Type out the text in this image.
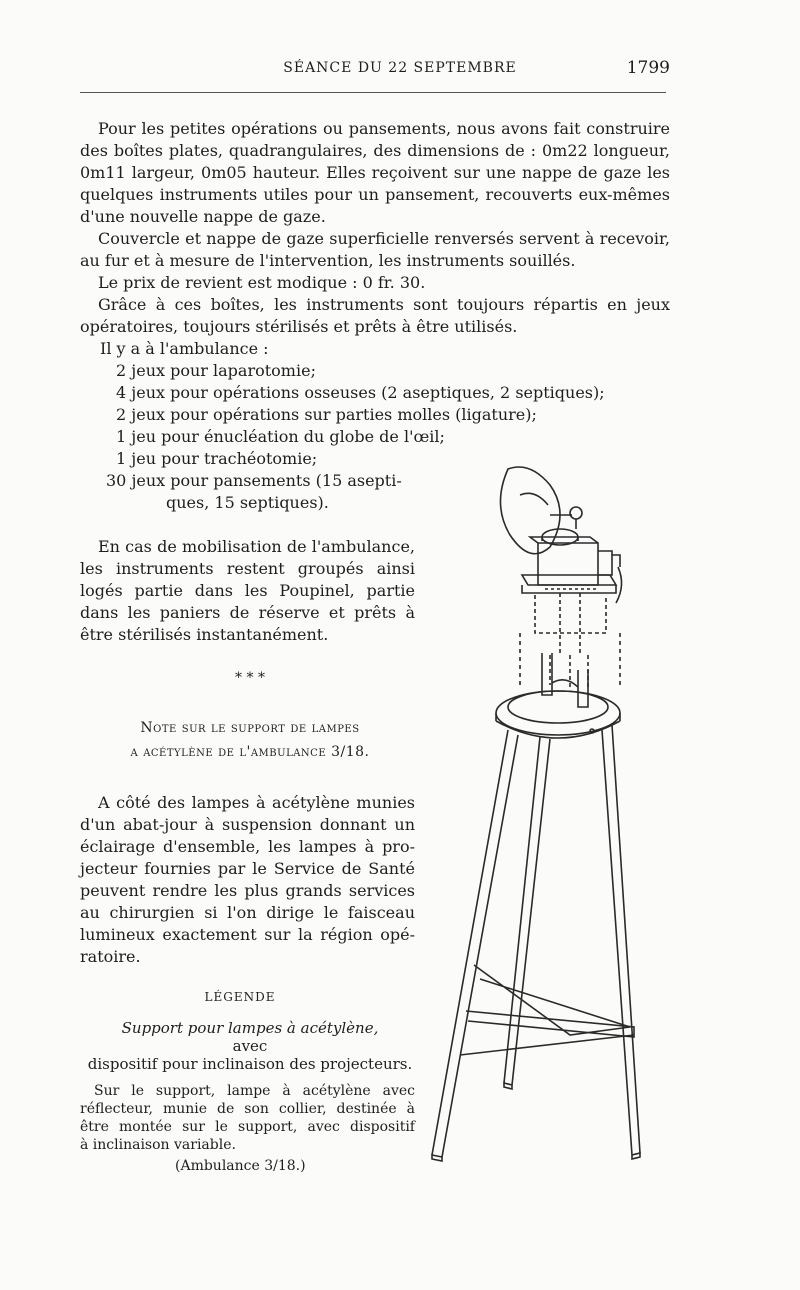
SÉANCE DU 22 SEPTEMBRE	1799
Pour les petites opérations ou pansements, nous avons fait construire
des boîtes plates, quadrangulaires, des dimensions de : 0m22 longueur,
0m11 largeur, 0m05 hauteur. Elles reçoivent sur une nappe de gaze les
quelques instruments utiles pour un pansement, recouverts eux-mêmes
d'une nouvelle nappe de gaze.
Couvercle et nappe de gaze superficielle renversés servent à recevoir,
au fur et à mesure de l'intervention, les instruments souillés.
Le prix de revient est modique : 0 fr. 30.
Grâce à ces boîtes, les instruments sont toujours répartis en jeux
opératoires, toujours stérilisés et prêts à être utilisés.
Il y a à l'ambulance :
2 jeux pour laparotomie;
4 jeux pour opérations osseuses (2 aseptiques, 2 septiques);
2 jeux pour opérations sur parties molles (ligature);
1 jeu pour énucléation du globe de l'œil;
1 jeu pour trachéotomie;
30 jeux pour pansements (15 asepti-
ques, 15 septiques).
En cas de mobilisation de l'ambulance,
les instruments restent groupés ainsi
logés partie dans les Poupinel, partie
dans les paniers de réserve et prêts à
être stérilisés instantanément.
* * *
Note sur le support de lampes
a acétylène de l'ambulance 3/18.
A côté des lampes à acétylène munies
d'un abat-jour à suspension donnant un
éclairage d'ensemble, les lampes à pro-
jecteur fournies par le Service de Santé
peuvent rendre les plus grands services
au chirurgien si l'on dirige le faisceau
lumineux exactement sur la région opé-
ratoire.
LÉGENDE
Support pour lampes à acétylène,
avec
dispositif pour inclinaison des projecteurs.
Sur le support, lampe à acétylène avec
réflecteur, munie de son collier, destinée à
être montée sur le support, avec dispositif
à inclinaison variable.
(Ambulance 3/18.)
